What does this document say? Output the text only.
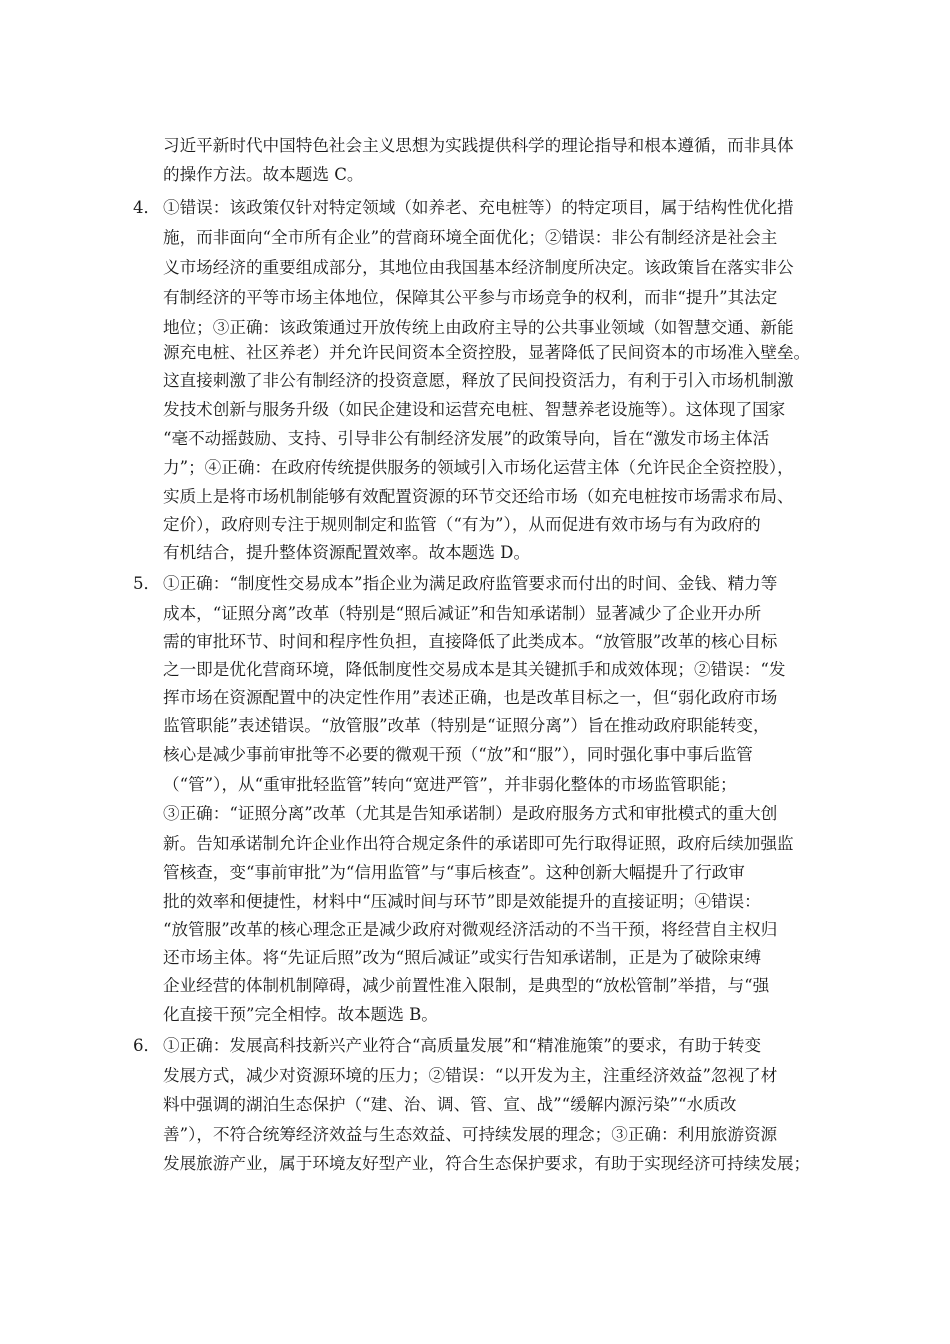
习近平新时代中国特色社会主义思想为实践提供科学的理论指导和根本遵循，而非具体
的操作方法。故本题选 C。
4． ①错误：该政策仅针对特定领域（如养老、充电桩等）的特定项目，属于结构性优化措
施，而非面向“全市所有企业”的营商环境全面优化；②错误：非公有制经济是社会主
义市场经济的重要组成部分，其地位由我国基本经济制度所决定。该政策旨在落实非公
有制经济的平等市场主体地位，保障其公平参与市场竞争的权利，而非“提升”其法定
地位；③正确：该政策通过开放传统上由政府主导的公共事业领域（如智慧交通、新能
源充电桩、社区养老）并允许民间资本全资控股，显著降低了民间资本的市场准入壁垒。
这直接刺激了非公有制经济的投资意愿，释放了民间投资活力，有利于引入市场机制激
发技术创新与服务升级（如民企建设和运营充电桩、智慧养老设施等）。这体现了国家
“毫不动摇鼓励、支持、引导非公有制经济发展”的政策导向，旨在“激发市场主体活
力”；④正确：在政府传统提供服务的领域引入市场化运营主体（允许民企全资控股），
实质上是将市场机制能够有效配置资源的环节交还给市场（如充电桩按市场需求布局、
定价），政府则专注于规则制定和监管（“有为”），从而促进有效市场与有为政府的
有机结合，提升整体资源配置效率。故本题选 D。
5． ①正确：“制度性交易成本”指企业为满足政府监管要求而付出的时间、金钱、精力等
成本，“证照分离”改革（特别是“照后减证”和告知承诺制）显著减少了企业开办所
需的审批环节、时间和程序性负担，直接降低了此类成本。“放管服”改革的核心目标
之一即是优化营商环境，降低制度性交易成本是其关键抓手和成效体现；②错误：“发
挥市场在资源配置中的决定性作用”表述正确，也是改革目标之一，但“弱化政府市场
监管职能”表述错误。“放管服”改革（特别是“证照分离”）旨在推动政府职能转变，
核心是减少事前审批等不必要的微观干预（“放”和“服”），同时强化事中事后监管
（“管”），从“重审批轻监管”转向“宽进严管”，并非弱化整体的市场监管职能；
③正确：“证照分离”改革（尤其是告知承诺制）是政府服务方式和审批模式的重大创
新。告知承诺制允许企业作出符合规定条件的承诺即可先行取得证照，政府后续加强监
管核查，变“事前审批”为“信用监管”与“事后核查”。这种创新大幅提升了行政审
批的效率和便捷性，材料中“压减时间与环节”即是效能提升的直接证明；④错误：
“放管服”改革的核心理念正是减少政府对微观经济活动的不当干预，将经营自主权归
还市场主体。将“先证后照”改为“照后减证”或实行告知承诺制，正是为了破除束缚
企业经营的体制机制障碍，减少前置性准入限制，是典型的“放松管制”举措，与“强
化直接干预”完全相悖。故本题选 B。
6． ①正确：发展高科技新兴产业符合“高质量发展”和“精准施策”的要求，有助于转变
发展方式，减少对资源环境的压力；②错误：“以开发为主，注重经济效益”忽视了材
料中强调的湖泊生态保护（“建、治、调、管、宣、战”“缓解内源污染”“水质改
善”），不符合统筹经济效益与生态效益、可持续发展的理念；③正确：利用旅游资源
发展旅游产业，属于环境友好型产业，符合生态保护要求，有助于实现经济可持续发展；
